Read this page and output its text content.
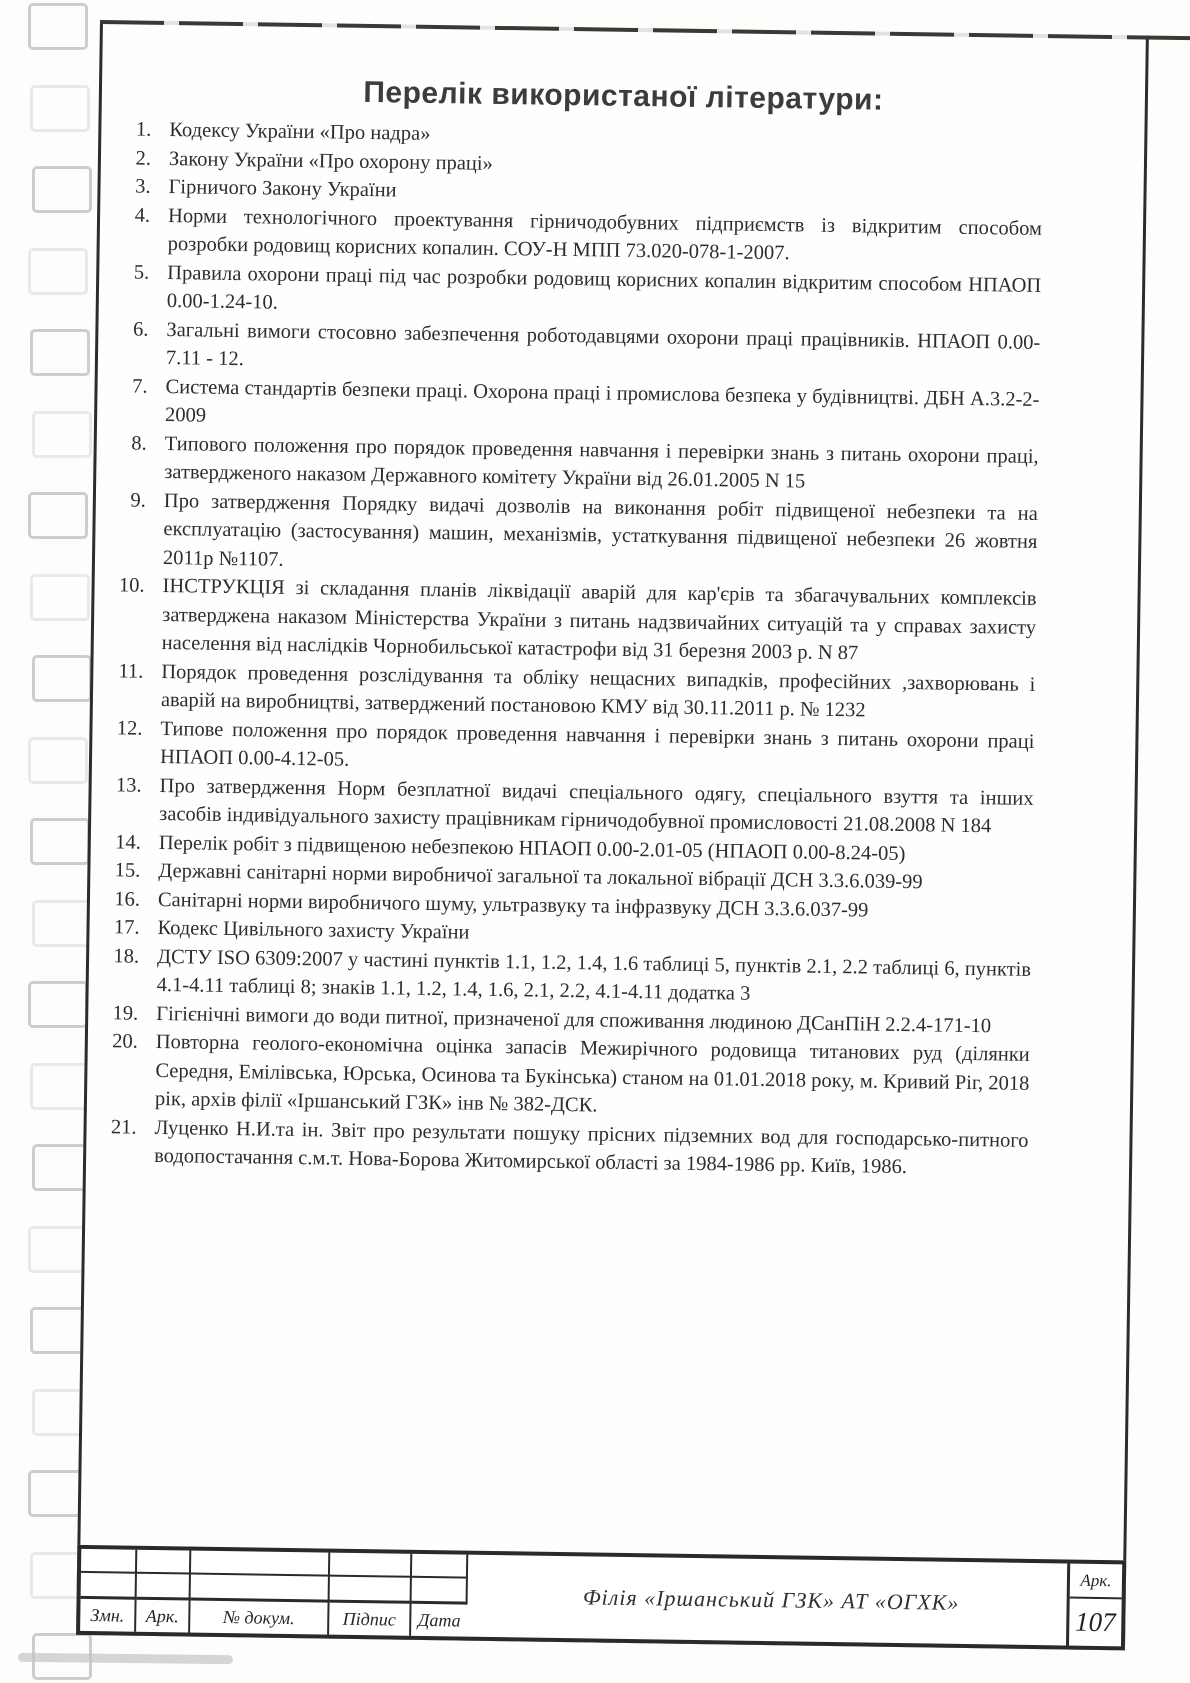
Перелік використаної літератури:
1. Кодексу України «Про надра»
2. Закону України «Про охорону праці»
3. Гірничого Закону України
4. Норми технологічного проектування гірничодобувних підприємств із відкритим способом розробки родовищ корисних копалин. СОУ-Н МПП 73.020-078-1-2007.
5. Правила охорони праці під час розробки родовищ корисних копалин відкритим способом НПАОП 0.00-1.24-10.
6. Загальні вимоги стосовно забезпечення роботодавцями охорони праці працівників. НПАОП 0.00-7.11 - 12.
7. Система стандартів безпеки праці. Охорона праці і промислова безпека у будівництві. ДБН А.3.2-2-2009
8. Типового положення про порядок проведення навчання і перевірки знань з питань охорони праці, затвердженого наказом Державного комітету України від 26.01.2005 N 15
9. Про затвердження Порядку видачі дозволів на виконання робіт підвищеної небезпеки та на експлуатацію (застосування) машин, механізмів, устаткування підвищеної небезпеки 26 жовтня 2011р №1107.
10. ІНСТРУКЦІЯ зі складання планів ліквідації аварій для кар'єрів та збагачувальних комплексів затверджена наказом Міністерства України з питань надзвичайних ситуацій та у справах захисту населення від наслідків Чорнобильської катастрофи від 31 березня 2003 р. N 87
11. Порядок проведення розслідування та обліку нещасних випадків, професійних ,захворювань і аварій на виробництві, затверджений постановою КМУ від 30.11.2011 р. № 1232
12. Типове положення про порядок проведення навчання і перевірки знань з питань охорони праці НПАОП 0.00-4.12-05.
13. Про затвердження Норм безплатної видачі спеціального одягу, спеціального взуття та інших засобів індивідуального захисту працівникам гірничодобувної промисловості 21.08.2008 N 184
14. Перелік робіт з підвищеною небезпекою НПАОП 0.00-2.01-05 (НПАОП 0.00-8.24-05)
15. Державні санітарні норми виробничої загальної та локальної вібрації ДСН 3.3.6.039-99
16. Санітарні норми виробничого шуму, ультразвуку та інфразвуку ДСН 3.3.6.037-99
17. Кодекс Цивільного захисту України
18. ДСТУ ISO 6309:2007 у частині пунктів 1.1, 1.2, 1.4, 1.6 таблиці 5, пунктів 2.1, 2.2 таблиці 6, пунктів 4.1-4.11 таблиці 8; знаків 1.1, 1.2, 1.4, 1.6, 2.1, 2.2, 4.1-4.11 додатка 3
19. Гігієнічні вимоги до води питної, призначеної для споживання людиною ДСанПіН 2.2.4-171-10
20. Повторна геолого-економічна оцінка запасів Межирічного родовища титанових руд (ділянки Середня, Емілівська, Юрська, Осинова та Букінська) станом на 01.01.2018 року, м. Кривий Ріг, 2018 рік, архів філії «Іршанський ГЗК» інв № 382-ДСК.
21. Луценко Н.И.та ін. Звіт про результати пошуку прісних підземних вод для господарсько-питного водопостачання с.м.т. Нова-Борова Житомирської області за 1984-1986 рр. Київ, 1986.
Змн.	Арк.	№ докум.	Підпис	Дата
Філія «Іршанський ГЗК» АТ «ОГХК»
Арк.
107
